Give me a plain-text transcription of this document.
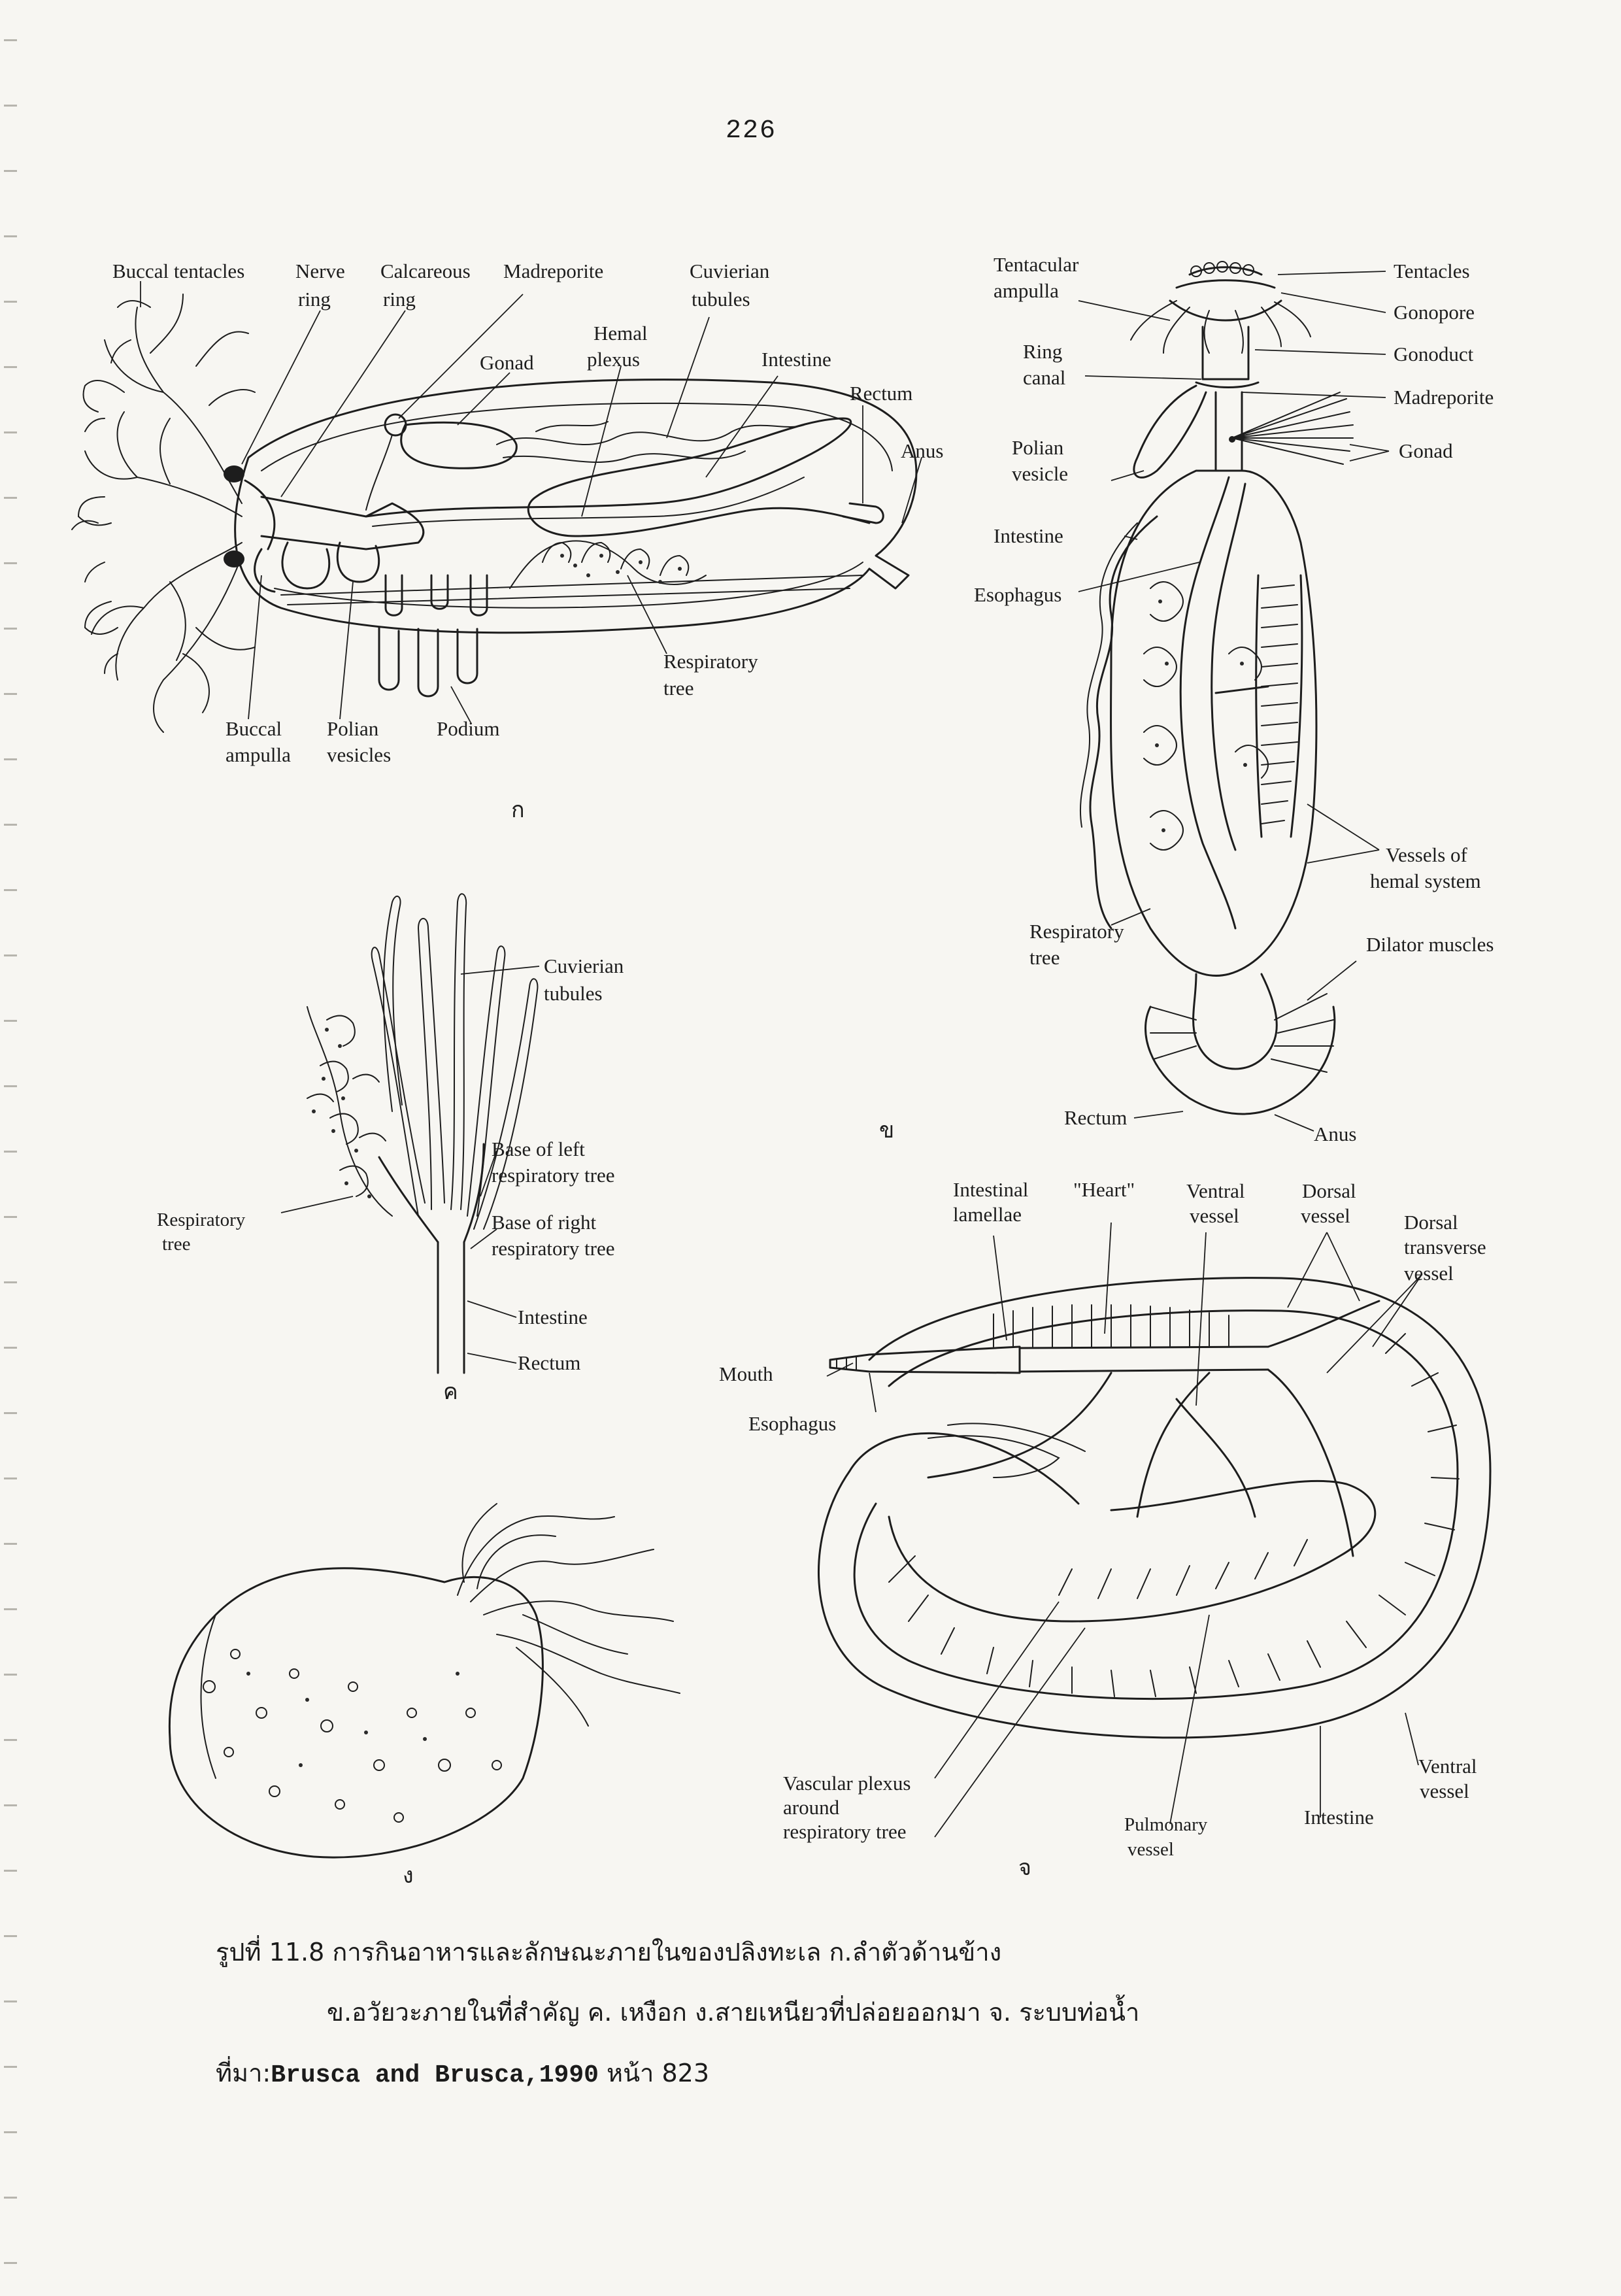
226
Buccal tentacles	Nerve
ring
Calcareous
ring
Madreporite	Cuvierian
tubules
Hemal
plexus
Gonad	Intestine
Rectum
Anus
Respiratory
tree
Buccal
ampulla
Polian
vesicles
Podium
ก
Tentacular
ampulla
Ring
canal
Polian
vesicle
Intestine
Esophagus
Tentacles
Gonopore
Gonoduct
Madreporite
Gonad
Vessels of
hemal system
Respiratory
tree
Dilator muscles
Rectum
Anus
ข
Cuvierian
tubules
Base of left
respiratory tree
Base of right
respiratory tree
Respiratory
tree
Intestine
Rectum
ค
ง
Intestinal
lamellae
"Heart"	Ventral
vessel
Dorsal
vessel	Dorsal
transverse
vessel
Mouth
Esophagus
Vascular plexus
around
respiratory tree	Pulmonary
vessel
Intestine
Ventral
vessel
จ
รูปที่ 11.8 การกินอาหารและลักษณะภายในของปลิงทะเล ก.ลำตัวด้านข้าง
ข.อวัยวะภายในที่สำคัญ ค. เหงือก ง.สายเหนียวที่ปล่อยออกมา จ. ระบบท่อน้ำ
ที่มา:Brusca and Brusca,1990 หน้า 823
